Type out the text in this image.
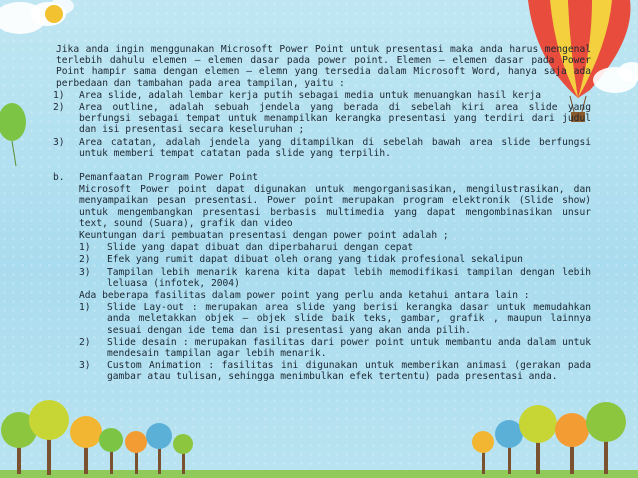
Jika anda ingin menggunakan Microsoft Power Point untuk presentasi maka anda harus mengenal terlebih dahulu elemen – elemen dasar pada power point. Elemen – elemen dasar pada Power Point hampir sama dengan elemen – elemn yang tersedia dalam Microsoft Word, hanya saja ada perbedaan dan tambahan pada area tampilan, yaitu :
1)	Area slide, adalah lembar kerja putih sebagai media untuk menuangkan hasil kerja
2)	Area outline, adalah sebuah jendela yang berada di sebelah kiri area slide yang berfungsi sebagai tempat untuk menampilkan kerangka presentasi yang terdiri dari judul dan isi presentasi secara keseluruhan ;
3)	Area catatan, adalah jendela yang ditampilkan di sebelah bawah area slide berfungsi untuk memberi tempat catatan pada slide yang terpilih.
b.	Pemanfaatan Program Power Point
Microsoft Power point dapat digunakan untuk mengorganisasikan, mengilustrasikan, dan menyampaikan pesan presentasi. Power point merupakan program elektronik (Slide show) untuk mengembangkan presentasi berbasis multimedia yang dapat mengombinasikan unsur text, sound (Suara), grafik dan video
Keuntungan dari pembuatan presentasi dengan power point adalah ;
1)	Slide yang dapat dibuat dan diperbaharui dengan cepat
2)	Efek yang rumit dapat dibuat oleh orang yang tidak profesional sekalipun
3)	Tampilan lebih menarik karena kita dapat lebih memodifikasi tampilan dengan lebih leluasa (infotek, 2004)
Ada beberapa fasilitas dalam power point yang perlu anda ketahui antara lain :
1)	Slide Lay-out : merupakan area slide yang berisi kerangka dasar untuk memudahkan anda meletakkan objek – objek slide baik teks, gambar, grafik , maupun lainnya sesuai dengan ide tema dan isi presentasi yang akan anda pilih.
2)	Slide desain : merupakan fasilitas dari power point untuk membantu anda dalam untuk mendesain tampilan agar lebih menarik.
3)	Custom Animation : fasilitas ini digunakan untuk memberikan animasi (gerakan pada gambar atau tulisan, sehingga menimbulkan efek tertentu) pada presentasi anda.
